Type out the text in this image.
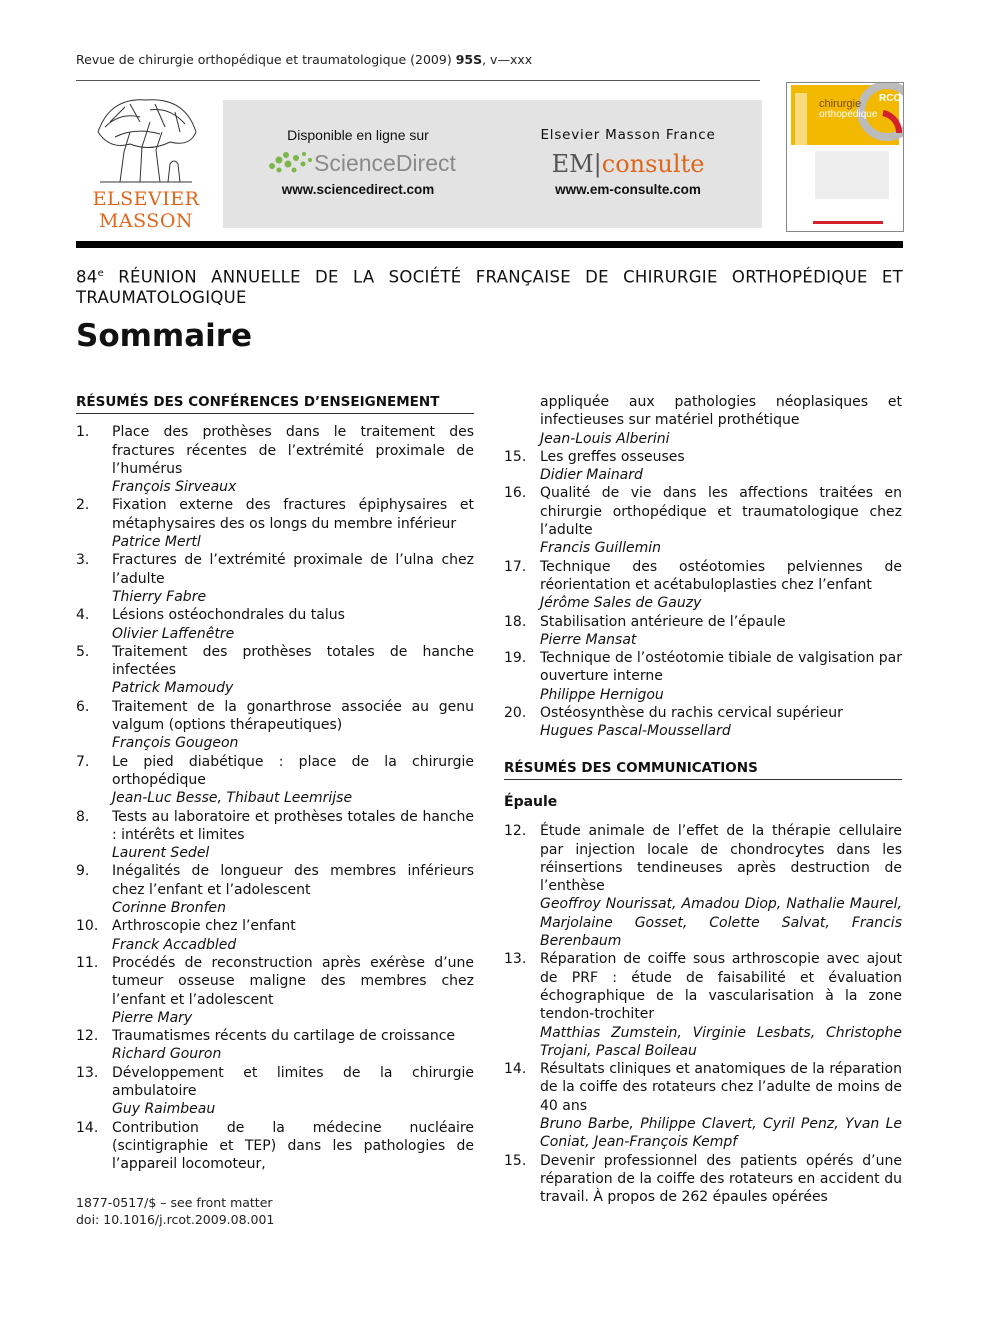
Revue de chirurgie orthopédique et traumatologique (2009) 95S, v—xxx
ELSEVIER
MASSON
Disponible en ligne sur
ScienceDirect
www.sciencedirect.com
Elsevier Masson France
EM|consulte
www.em-consulte.com
RCO
chirurgie
orthopédique
84e RÉUNION ANNUELLE DE LA SOCIÉTÉ FRANÇAISE DE CHIRURGIE ORTHOPÉDIQUE ET TRAUMATOLOGIQUE
Sommaire
RÉSUMÉS DES CONFÉRENCES D’ENSEIGNEMENT
1.	Place des prothèses dans le traitement des fractures récentes de l’extrémité proximale de l’humérus
François Sirveaux
2.	Fixation externe des fractures épiphysaires et métaphysaires des os longs du membre inférieur
Patrice Mertl
3.	Fractures de l’extrémité proximale de l’ulna chez l’adulte
Thierry Fabre
4.	Lésions ostéochondrales du talus
Olivier Laffenêtre
5.	Traitement des prothèses totales de hanche infectées
Patrick Mamoudy
6.	Traitement de la gonarthrose associée au genu valgum (options thérapeutiques)
François Gougeon
7.	Le pied diabétique : place de la chirurgie orthopédique
Jean-Luc Besse, Thibaut Leemrijse
8.	Tests au laboratoire et prothèses totales de hanche : intérêts et limites
Laurent Sedel
9.	Inégalités de longueur des membres inférieurs chez l’enfant et l’adolescent
Corinne Bronfen
10. Arthroscopie chez l’enfant
Franck Accadbled
11. Procédés de reconstruction après exérèse d’une tumeur osseuse maligne des membres chez l’enfant et l’adolescent
Pierre Mary
12. Traumatismes récents du cartilage de croissance
Richard Gouron
13. Développement et limites de la chirurgie ambulatoire
Guy Raimbeau
14. Contribution de la médecine nucléaire (scintigraphie et TEP) dans les pathologies de l’appareil locomoteur,
appliquée aux pathologies néoplasiques et infectieuses sur matériel prothétique
Jean-Louis Alberini
15. Les greffes osseuses
Didier Mainard
16. Qualité de vie dans les affections traitées en chirurgie orthopédique et traumatologique chez l’adulte
Francis Guillemin
17. Technique des ostéotomies pelviennes de réorientation et acétabuloplasties chez l’enfant
Jérôme Sales de Gauzy
18. Stabilisation antérieure de l’épaule
Pierre Mansat
19. Technique de l’ostéotomie tibiale de valgisation par ouverture interne
Philippe Hernigou
20. Ostéosynthèse du rachis cervical supérieur
Hugues Pascal-Moussellard
RÉSUMÉS DES COMMUNICATIONS
Épaule
12. Étude animale de l’effet de la thérapie cellulaire par injection locale de chondrocytes dans les réinsertions tendineuses après destruction de l’enthèse
Geoffroy Nourissat, Amadou Diop, Nathalie Maurel, Marjolaine Gosset, Colette Salvat, Francis Berenbaum
13. Réparation de coiffe sous arthroscopie avec ajout de PRF : étude de faisabilité et évaluation échographique de la vascularisation à la zone tendon-trochiter
Matthias Zumstein, Virginie Lesbats, Christophe Trojani, Pascal Boileau
14. Résultats cliniques et anatomiques de la réparation de la coiffe des rotateurs chez l’adulte de moins de 40 ans
Bruno Barbe, Philippe Clavert, Cyril Penz, Yvan Le Coniat, Jean-François Kempf
15. Devenir professionnel des patients opérés d’une réparation de la coiffe des rotateurs en accident du travail. À propos de 262 épaules opérées
1877-0517/$ – see front matter
doi: 10.1016/j.rcot.2009.08.001
